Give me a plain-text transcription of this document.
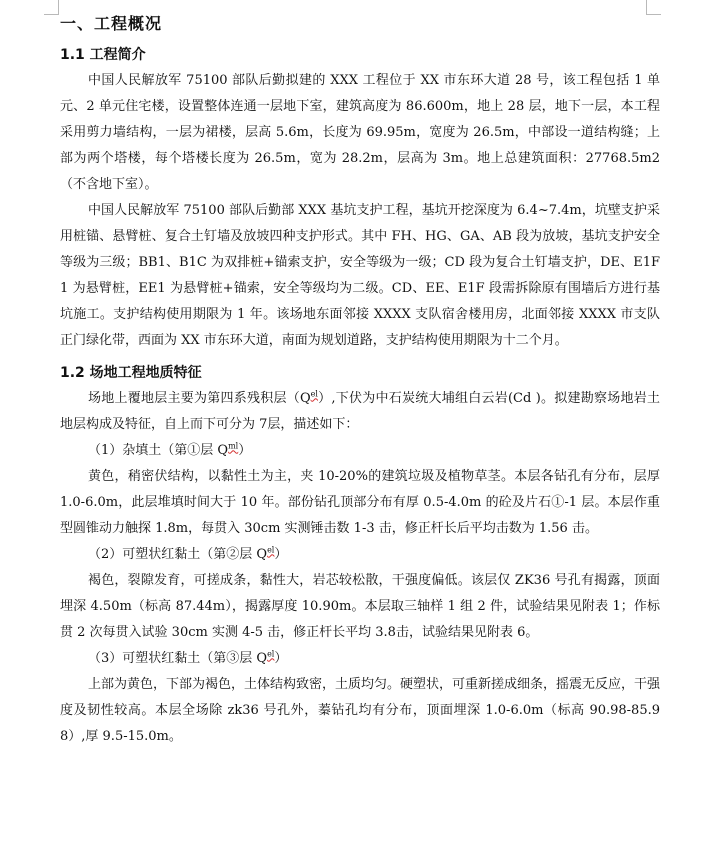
一、工程概况
1.1 工程简介

中国人民解放军 75100 部队后勤拟建的 XXX 工程位于 XX 市东环大道 28 号，该工程包括 1 单元、2 单元住宅楼，设置整体连通一层地下室，建筑高度为 86.600m，地上 28 层，地下一层，本工程采用剪力墙结构，一层为裙楼，层高 5.6m，长度为 69.95m，宽度为 26.5m，中部设一道结构缝；上部为两个塔楼，每个塔楼长度为 26.5m，宽为 28.2m，层高为 3m。地上总建筑面积：27768.5m2（不含地下室）。

中国人民解放军 75100 部队后勤部 XXX 基坑支护工程，基坑开挖深度为 6.4~7.4m，坑壁支护采用桩锚、悬臂桩、复合土钉墙及放坡四种支护形式。其中 FH、HG、GA、AB 段为放坡，基坑支护安全等级为三级；BB1、B1C 为双排桩+锚索支护，安全等级为一级；CD 段为复合土钉墙支护，DE、E1F1 为悬臂桩，EE1 为悬臂桩+锚索，安全等级均为二级。CD、EE、E1F 段需拆除原有围墙后方进行基坑施工。支护结构使用期限为 1 年。该场地东面邻接 XXXX 支队宿舍楼用房，北面邻接 XXXX 市支队正门绿化带，西面为 XX 市东环大道，南面为规划道路，支护结构使用期限为十二个月。

1.2 场地工程地质特征

场地上覆地层主要为第四系残积层$(Q^{el})$,下伏为中石炭统大埔组白云岩(Cd )。拟建勘察场地岩土地层构成及特征，自上而下可分为 7层，描述如下：

（1）杂填土（第①层 $Q^{ml}$）

黄色，稍密伏结构，以黏性土为主，夹 10-20%的建筑垃圾及植物草茎。本层各钻孔有分布，层厚 1.0-6.0m，此层堆填时间大于 10 年。部份钻孔顶部分布有厚 0.5-4.0m 的砼及片石①-1 层。本层作重型圆锥动力触探 1.8m，每贯入 30cm 实测锤击数 1-3 击，修正杆长后平均击数为 1.56 击。

（2）可塑状红黏土（第②层 $Q^{el}$）

褐色，裂隙发育，可搓成条，黏性大，岩芯较松散，干强度偏低。该层仅 ZK36 号孔有揭露，顶面埋深 4.50m（标高 87.44m），揭露厚度 10.90m。本层取三轴样 1 组 2 件，试验结果见附表 1；作标贯 2 次每贯入试验 30cm 实测 4-5 击，修正杆长平均 3.8击，试验结果见附表 6。

（3）可塑状红黏土（第③层 $Q^{el}$）

上部为黄色，下部为褐色，土体结构致密，土质均匀。硬塑状，可重新搓成细条，摇震无反应，干强度及韧性较高。本层全场除 zk36 号孔外，蓁钻孔均有分布，顶面埋深 1.0-6.0m（标高 90.98-85.98）,厚 9.5-15.0m。
